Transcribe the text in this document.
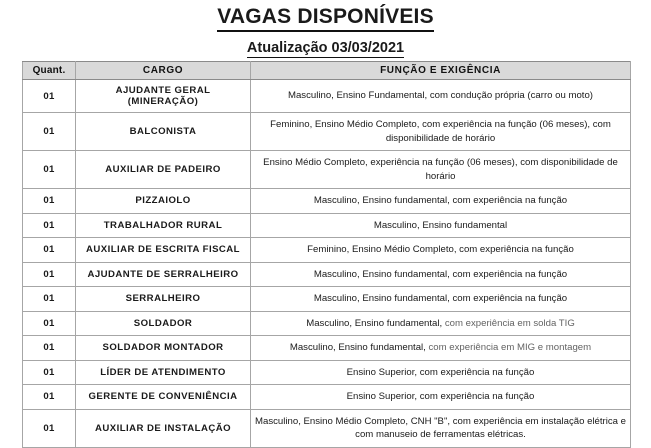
VAGAS DISPONÍVEIS
Atualização 03/03/2021
Quant.	CARGO	FUNÇÃO E EXIGÊNCIA
01	AJUDANTE GERAL (MINERAÇÃO)	Masculino, Ensino Fundamental, com condução própria (carro ou moto)
01	BALCONISTA	Feminino, Ensino Médio Completo, com experiência na função (06 meses), com disponibilidade de horário
01	AUXILIAR DE PADEIRO	Ensino Médio Completo, experiência na função (06 meses), com disponibilidade de horário
01	PIZZAIOLO	Masculino, Ensino fundamental, com experiência na função
01	TRABALHADOR RURAL	Masculino, Ensino fundamental
01	AUXILIAR DE ESCRITA FISCAL	Feminino, Ensino Médio Completo, com experiência na função
01	AJUDANTE DE SERRALHEIRO	Masculino, Ensino fundamental, com experiência na função
01	SERRALHEIRO	Masculino, Ensino fundamental, com experiência na função
01	SOLDADOR	Masculino, Ensino fundamental, com experiência em solda TIG
01	SOLDADOR MONTADOR	Masculino, Ensino fundamental, com experiência em MIG e montagem
01	LÍDER DE ATENDIMENTO	Ensino Superior, com experiência na função
01	GERENTE DE CONVENIÊNCIA	Ensino Superior, com experiência na função
01	AUXILIAR DE INSTALAÇÃO	Masculino, Ensino Médio Completo, CNH "B", com experiência em instalação elétrica e com manuseio de ferramentas elétricas.
